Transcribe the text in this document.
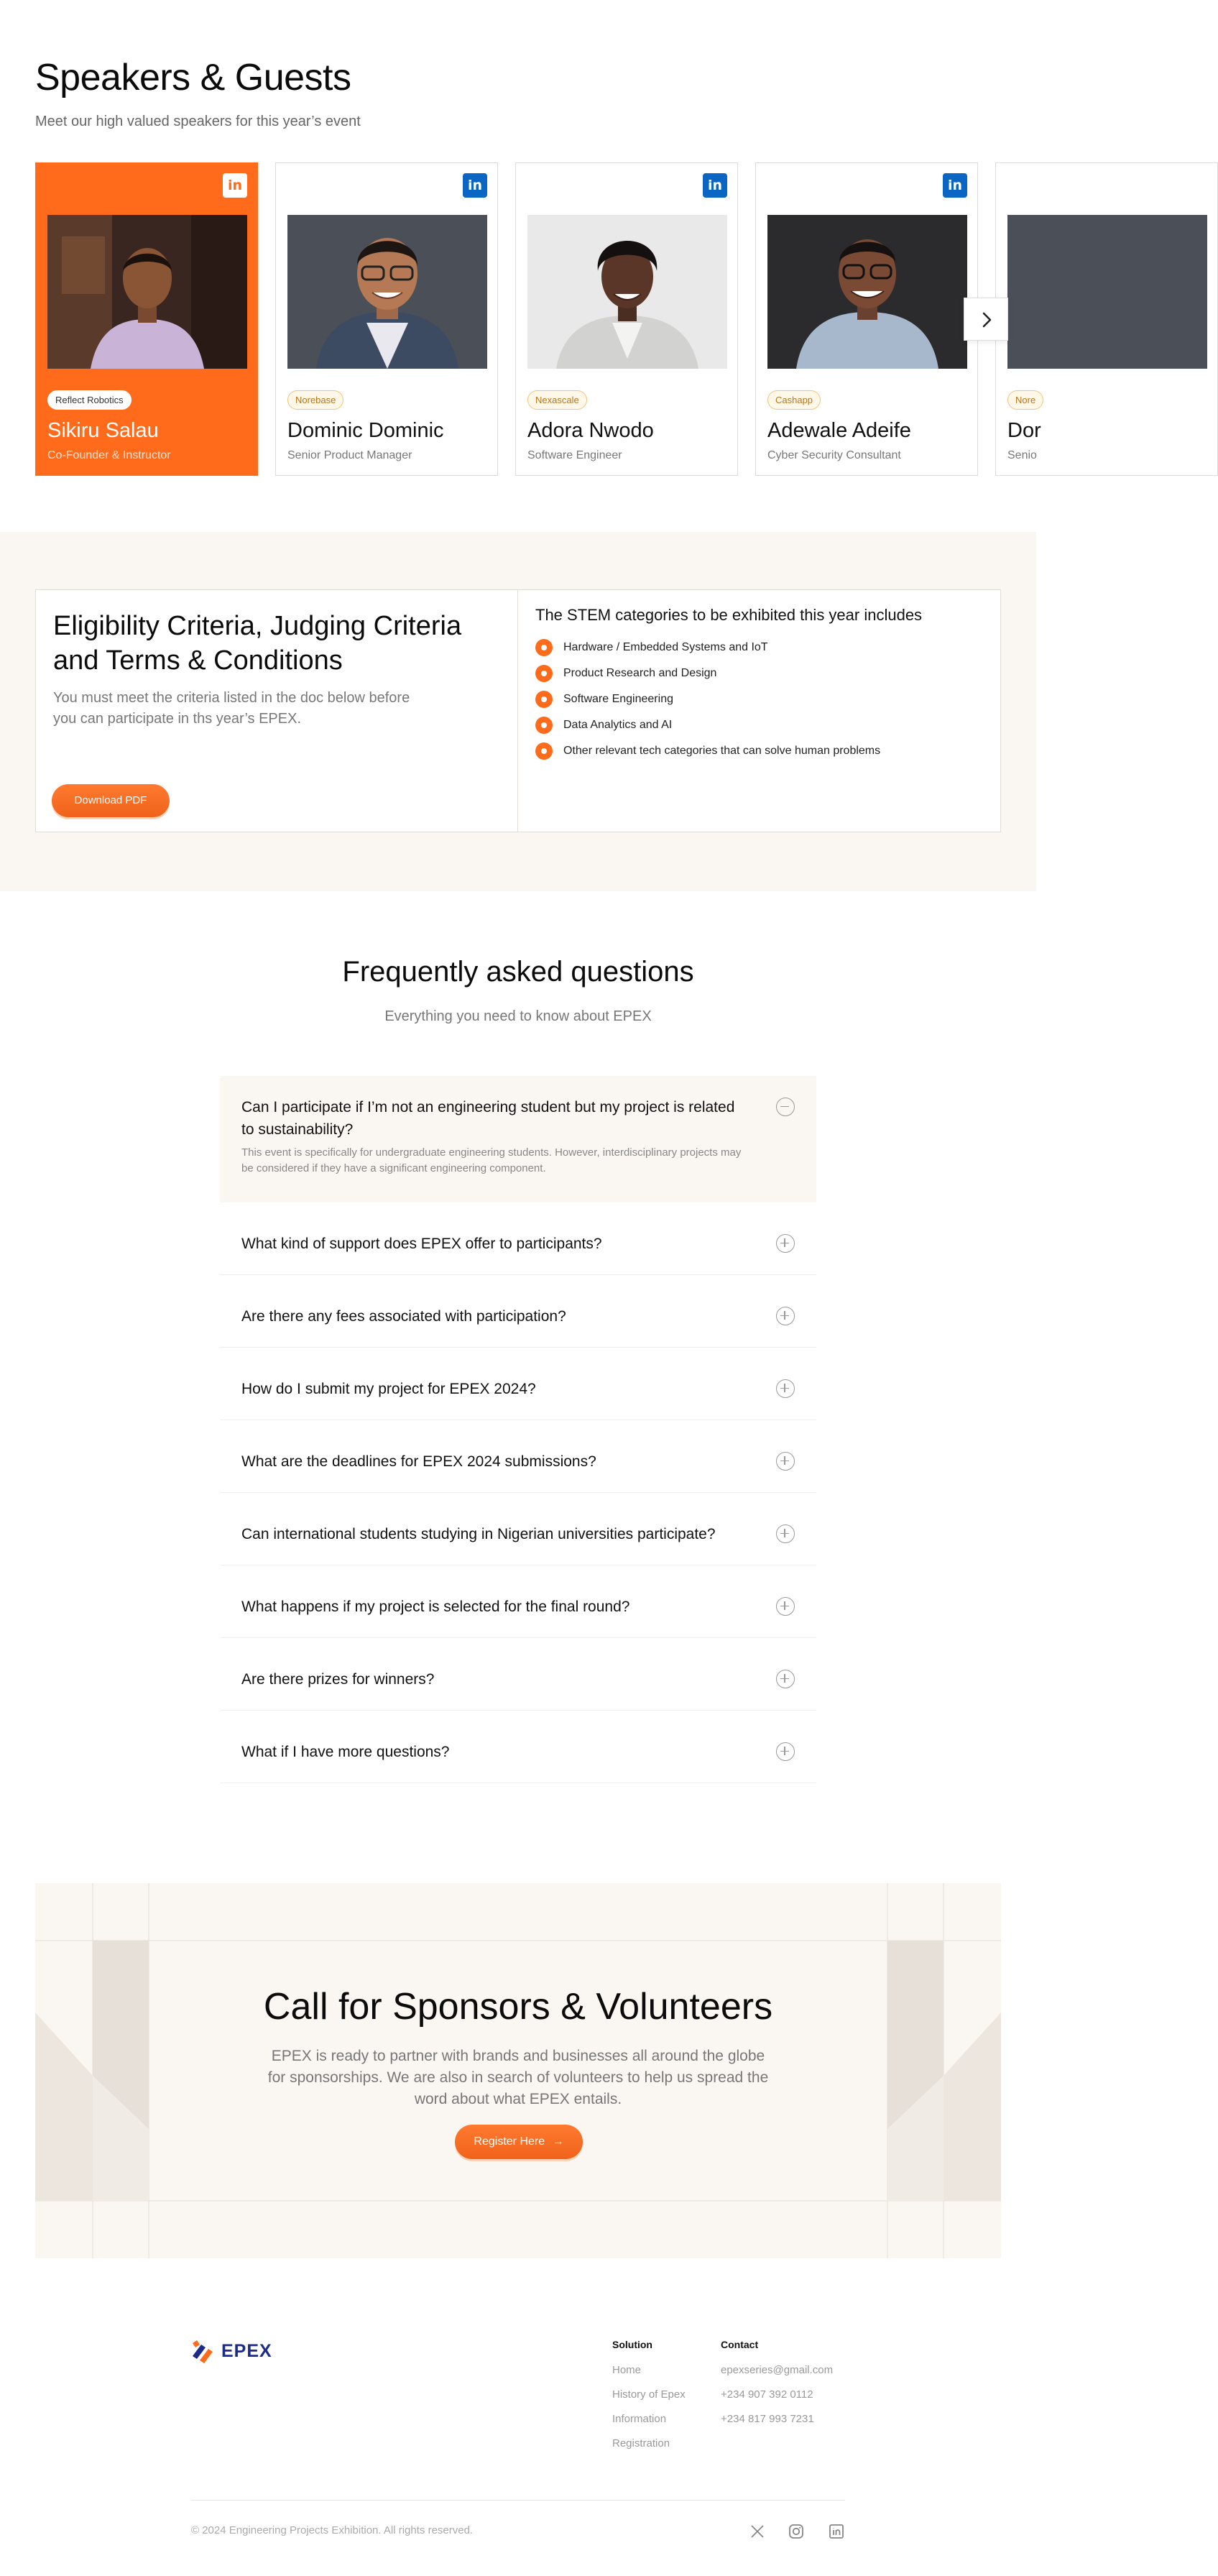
Speakers & Guests
Meet our high valued speakers for this year’s event
in
Reflect Robotics
Sikiru Salau
Co-Founder & Instructor
in
Norebase
Dominic Dominic
Senior Product Manager
in
Nexascale
Adora Nwodo
Software Engineer
in
Cashapp
Adewale Adeife
Cyber Security Consultant
Nore
Dor
Senio
Eligibility Criteria, Judging Criteria and Terms & Conditions

You must meet the criteria listed in the doc below before you can participate in ths year’s EPEX.

Download PDF
The STEM categories to be exhibited this year includes
Hardware / Embedded Systems and IoT
Product Research and Design
Software Engineering
Data Analytics and AI
Other relevant tech categories that can solve human problems
Frequently asked questions
Everything you need to know about EPEX
Can I participate if I’m not an engineering student but my project is related to sustainability?
This event is specifically for undergraduate engineering students. However, interdisciplinary projects may be considered if they have a significant engineering component.
What kind of support does EPEX offer to participants?
Are there any fees associated with participation?
How do I submit my project for EPEX 2024?
What are the deadlines for EPEX 2024 submissions?
Can international students studying in Nigerian universities participate?
What happens if my project is selected for the final round?
Are there prizes for winners?
What if I have more questions?
Call for Sponsors & Volunteers

EPEX is ready to partner with brands and businesses all around the globe for sponsorships. We are also in search of volunteers to help us spread the word about what EPEX entails.

Register Here →
EPEX	Solution
Home
History of Epex
Information
Registration
Contact
epexseries@gmail.com
+234 907 392 0112
+234 817 993 7231
© 2024 Engineering Projects Exhibition. All rights reserved.
